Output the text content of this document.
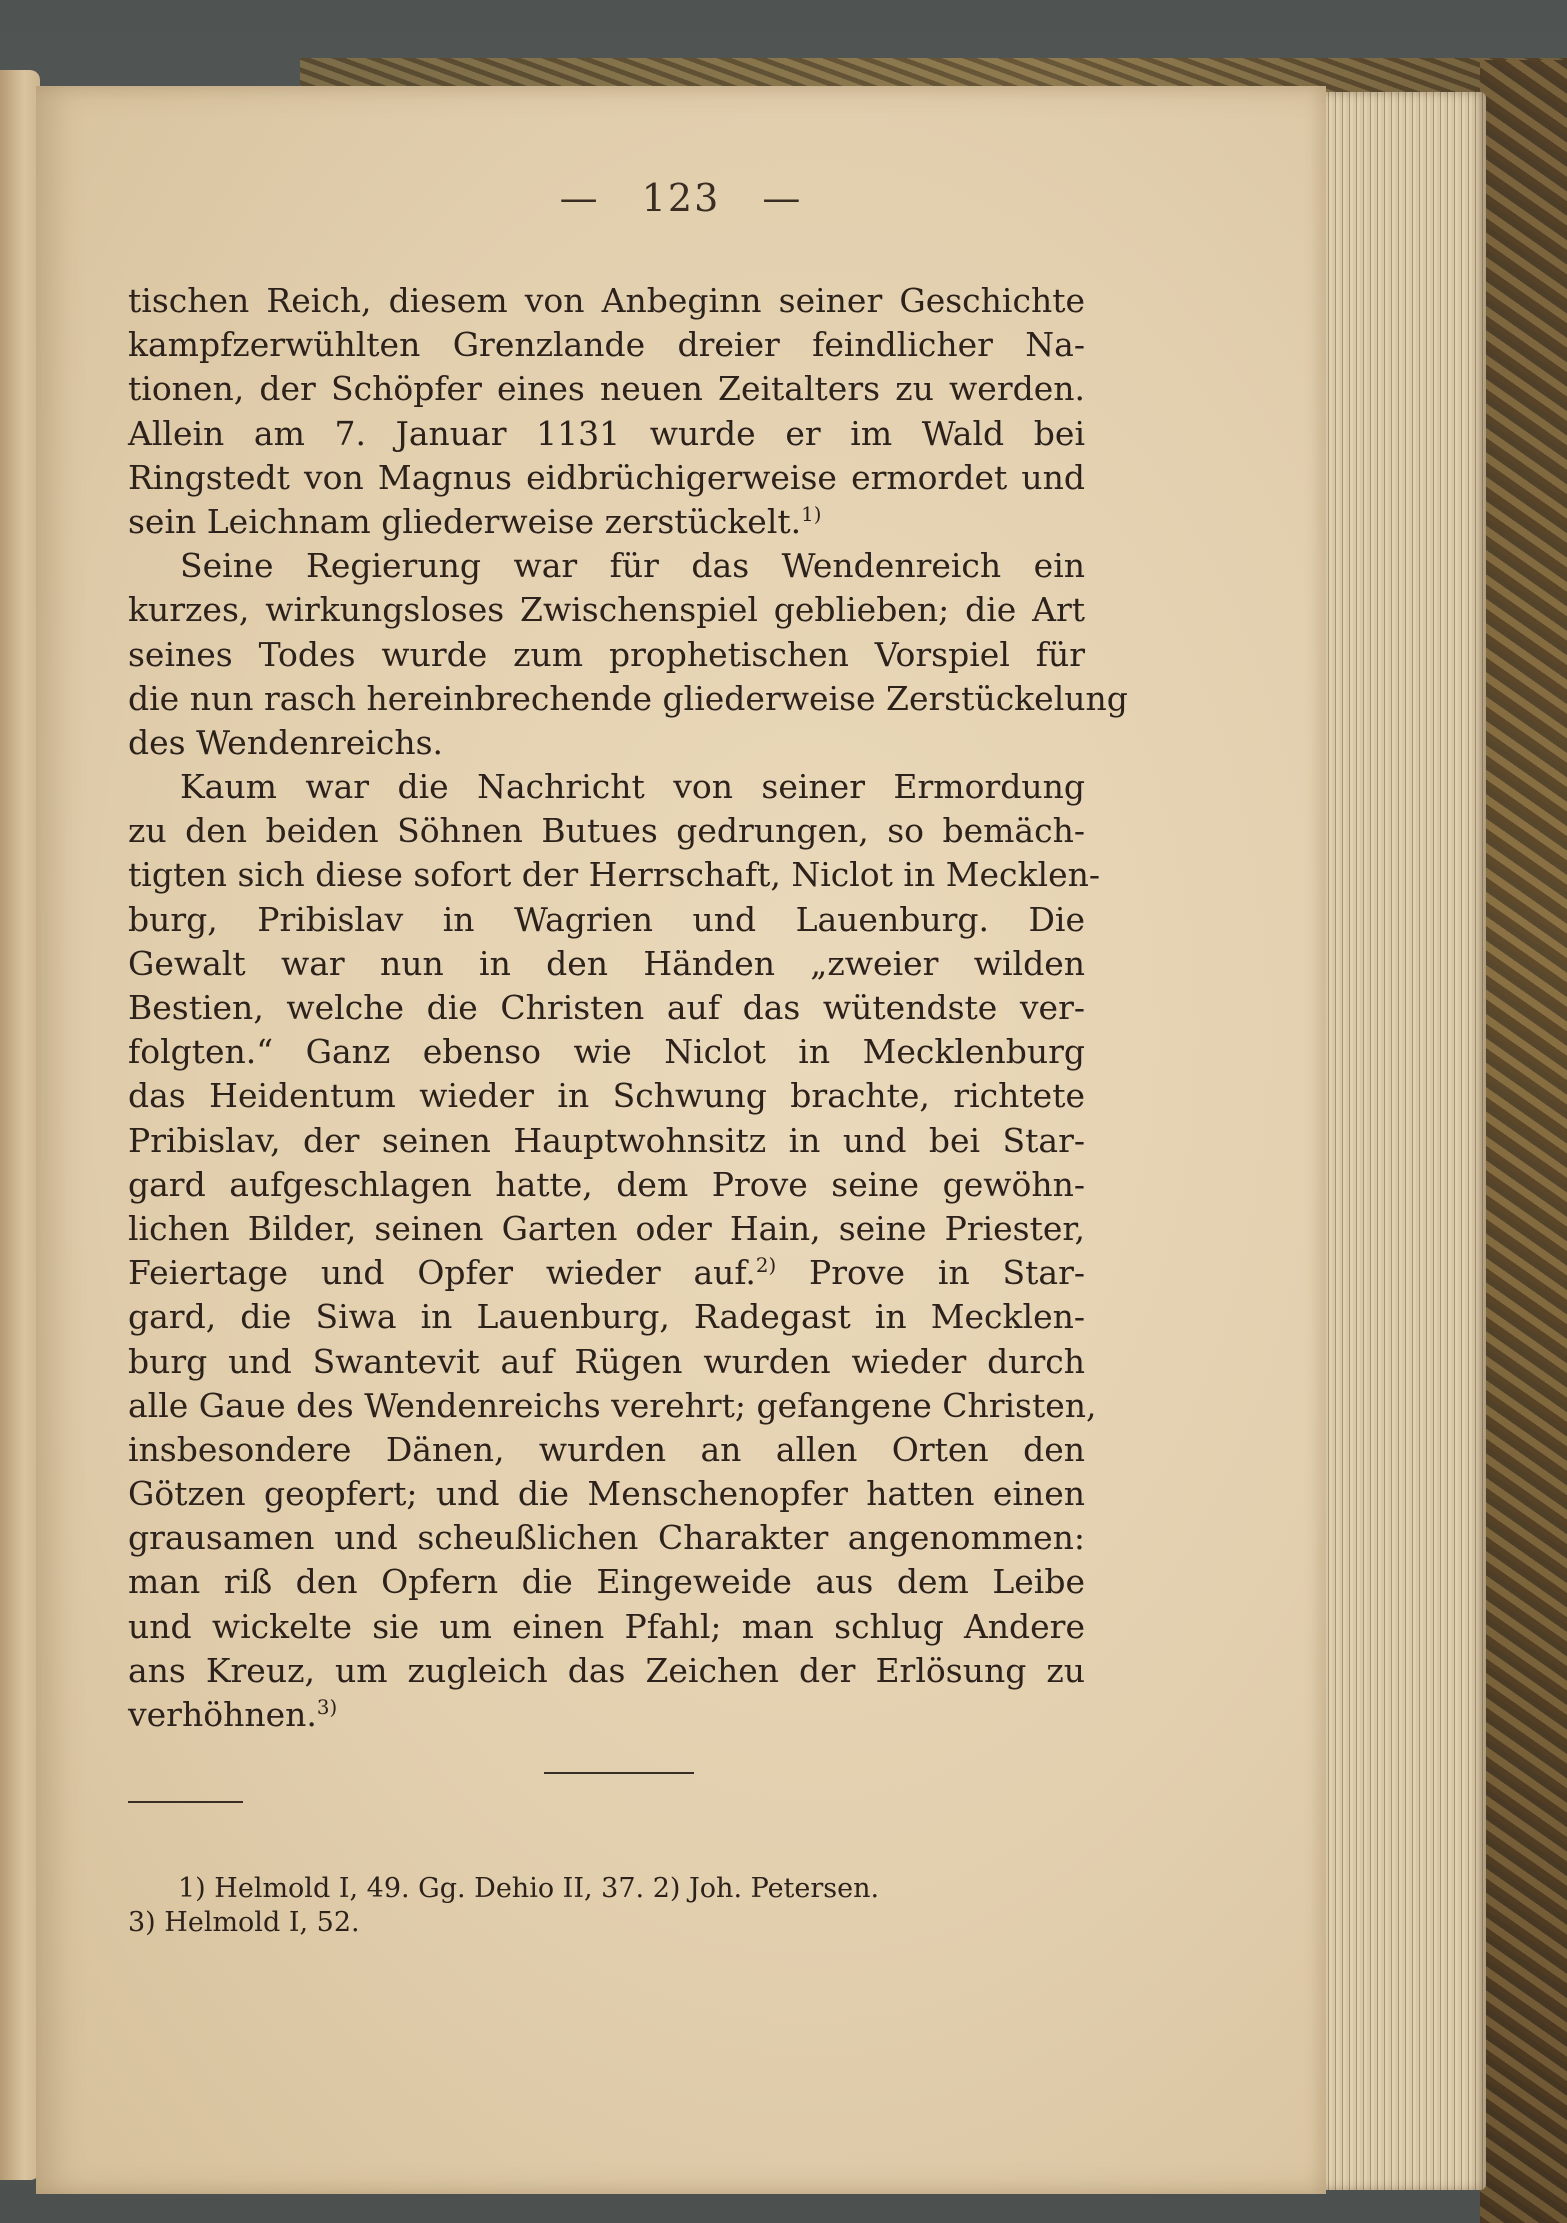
— 123 —
tischen Reich, diesem von Anbeginn seiner Geschichte
kampfzerwühlten Grenzlande dreier feindlicher Na-
tionen, der Schöpfer eines neuen Zeitalters zu werden.
Allein am 7. Januar 1131 wurde er im Wald bei
Ringstedt von Magnus eidbrüchigerweise ermordet und
sein Leichnam gliederweise zerstückelt.$^{1)}$
Seine Regierung war für das Wendenreich ein
kurzes, wirkungsloses Zwischenspiel geblieben; die Art
seines Todes wurde zum prophetischen Vorspiel für
die nun rasch hereinbrechende gliederweise Zerstückelung
des Wendenreichs.
Kaum war die Nachricht von seiner Ermordung
zu den beiden Söhnen Butues gedrungen, so bemäch-
tigten sich diese sofort der Herrschaft, Niclot in Mecklen-
burg, Pribislav in Wagrien und Lauenburg. Die
Gewalt war nun in den Händen „zweier wilden
Bestien, welche die Christen auf das wütendste ver-
folgten.“ Ganz ebenso wie Niclot in Mecklenburg
das Heidentum wieder in Schwung brachte, richtete
Pribislav, der seinen Hauptwohnsitz in und bei Star-
gard aufgeschlagen hatte, dem Prove seine gewöhn-
lichen Bilder, seinen Garten oder Hain, seine Priester,
Feiertage und Opfer wieder auf.$^{2)}$ Prove in Star-
gard, die Siwa in Lauenburg, Radegast in Mecklen-
burg und Swantevit auf Rügen wurden wieder durch
alle Gaue des Wendenreichs verehrt; gefangene Christen,
insbesondere Dänen, wurden an allen Orten den
Götzen geopfert; und die Menschenopfer hatten einen
grausamen und scheußlichen Charakter angenommen:
man riß den Opfern die Eingeweide aus dem Leibe
und wickelte sie um einen Pfahl; man schlug Andere
ans Kreuz, um zugleich das Zeichen der Erlösung zu
verhöhnen.$^{3)}$
1) Helmold I, 49. Gg. Dehio II, 37. 2) Joh. Petersen.
3) Helmold I, 52.
